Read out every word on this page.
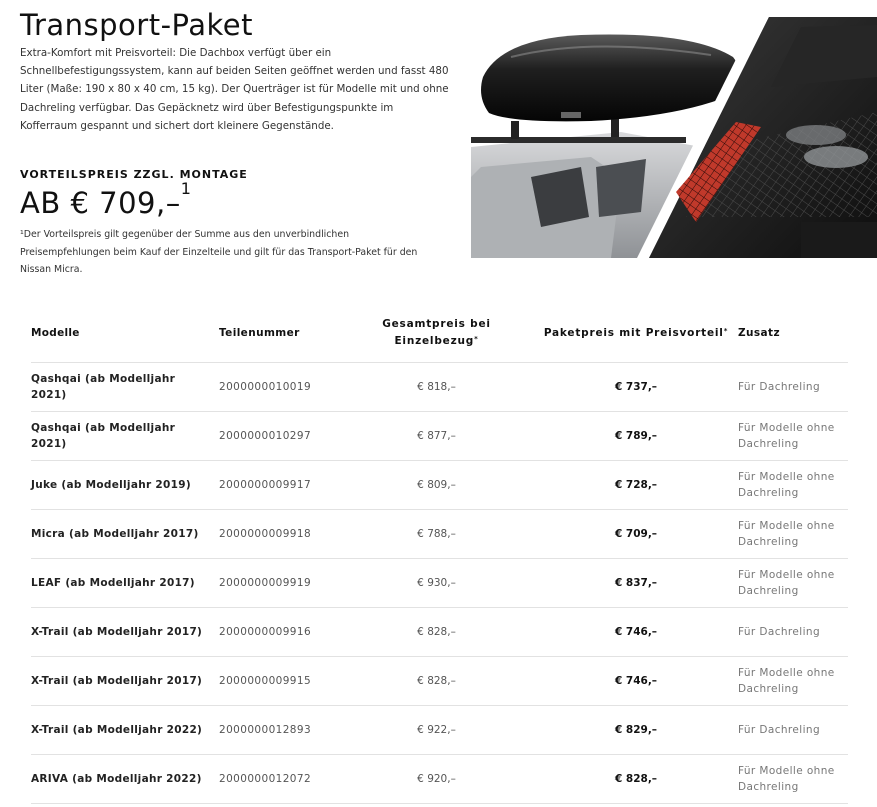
Transport-Paket

Extra-Komfort mit Preisvorteil: Die Dachbox verfügt über ein Schnellbefestigungssystem, kann auf beiden Seiten geöffnet werden und fasst 480 Liter (Maße: 190 x 80 x 40 cm, 15 kg). Der Querträger ist für Modelle mit und ohne Dachreling verfügbar. Das Gepäcknetz wird über Befestigungspunkte im Kofferraum gespannt und sichert dort kleinere Gegenstände.

VORTEILSPREIS ZZGL. MONTAGE
AB € 709,–$^1$

¹Der Vorteilspreis gilt gegenüber der Summe aus den unverbindlichen Preisempfehlungen beim Kauf der Einzelteile und gilt für das Transport-Paket für den Nissan Micra.

Modelle	Teilenummer	Gesamtpreis bei Einzelbezug*	Paketpreis mit Preisvorteil*	Zusatz
Qashqai (ab Modelljahr 2021)	2000000010019	€ 818,–	€ 737,–	Für Dachreling
Qashqai (ab Modelljahr 2021)	2000000010297	€ 877,–	€ 789,–	Für Modelle ohne Dachreling
Juke (ab Modelljahr 2019)	2000000009917	€ 809,–	€ 728,–	Für Modelle ohne Dachreling
Micra (ab Modelljahr 2017)	2000000009918	€ 788,–	€ 709,–	Für Modelle ohne Dachreling
LEAF (ab Modelljahr 2017)	2000000009919	€ 930,–	€ 837,–	Für Modelle ohne Dachreling
X-Trail (ab Modelljahr 2017)	2000000009916	€ 828,–	€ 746,–	Für Dachreling
X-Trail (ab Modelljahr 2017)	2000000009915	€ 828,–	€ 746,–	Für Modelle ohne Dachreling
X-Trail (ab Modelljahr 2022)	2000000012893	€ 922,–	€ 829,–	Für Dachreling
ARIVA (ab Modelljahr 2022)	2000000012072	€ 920,–	€ 828,–	Für Modelle ohne Dachreling
